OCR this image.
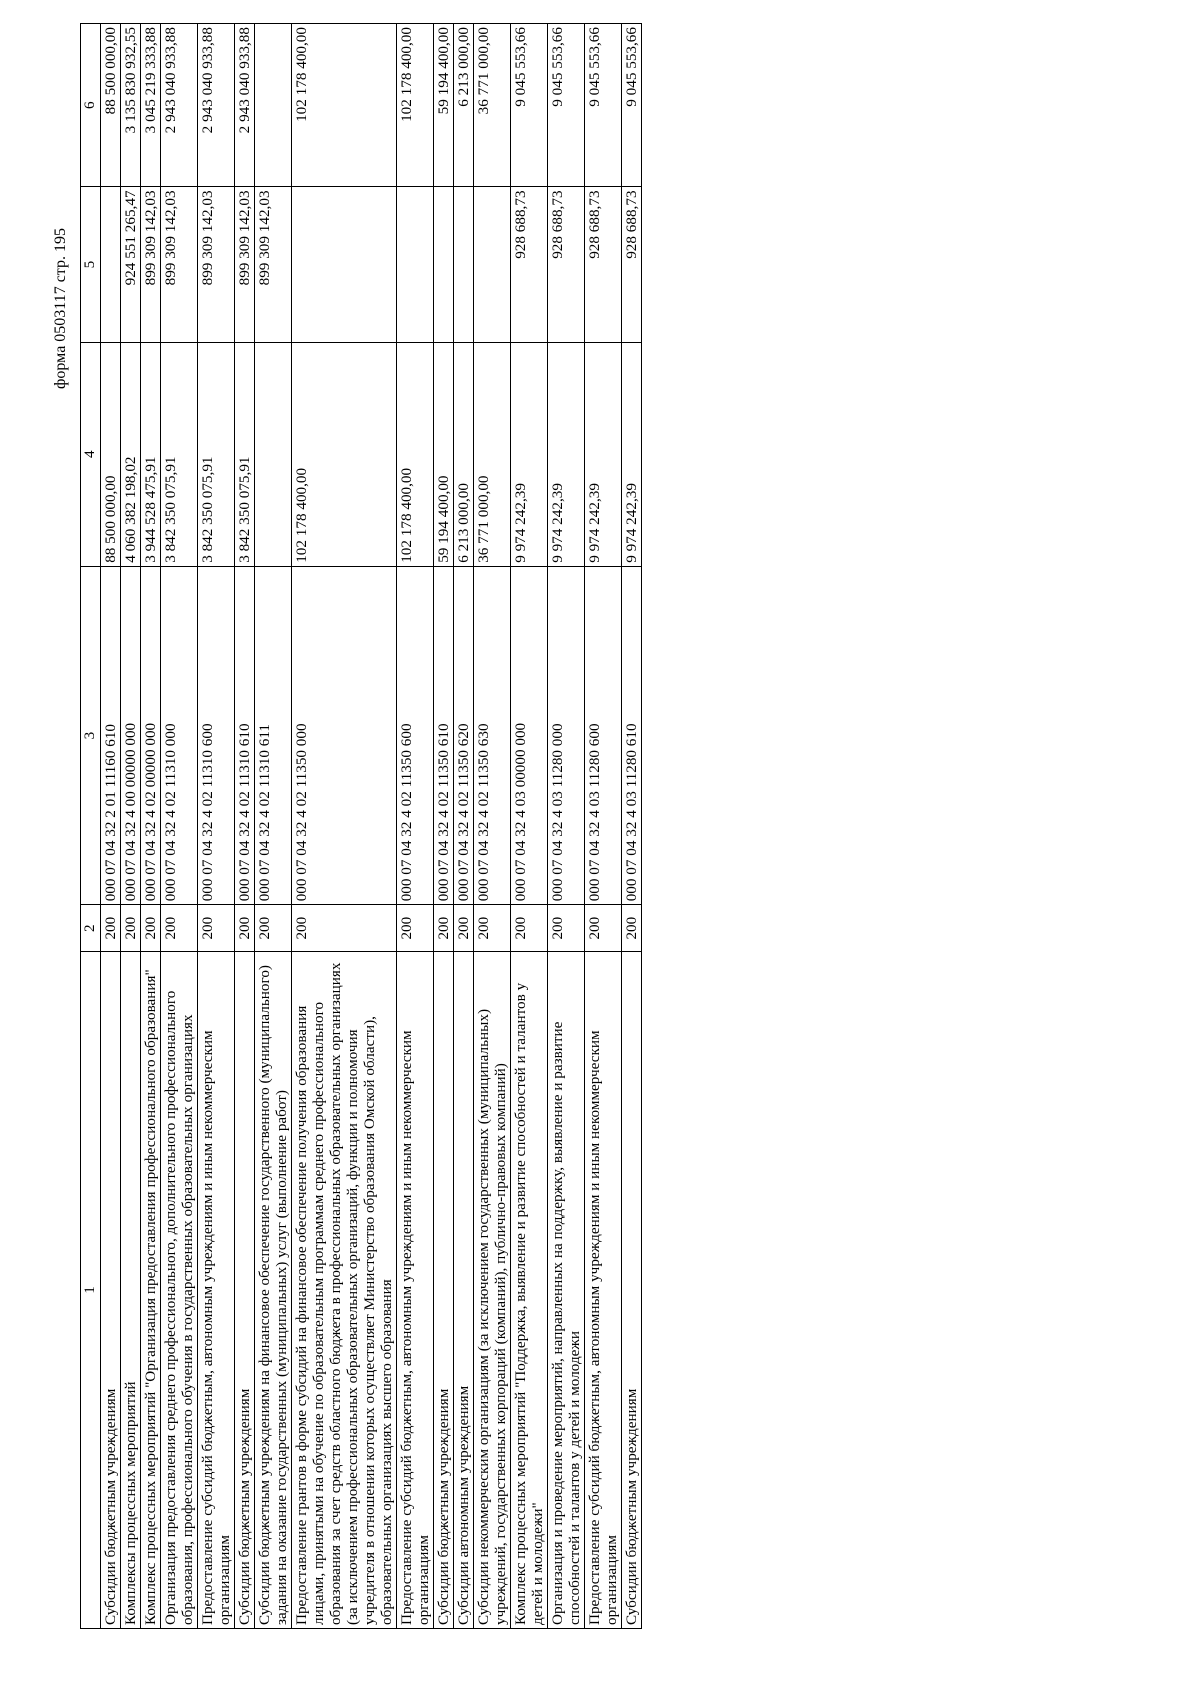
форма 0503117 стр. 195
1	2	3	4	5	6
Субсидии бюджетным учреждениям	200	000 07 04 32 2 01 11160 610	88 500 000,00		88 500 000,00
Комплексы процессных мероприятий	200	000 07 04 32 4 00 00000 000	4 060 382 198,02	924 551 265,47	3 135 830 932,55
Комплекс процессных мероприятий "Организация предоставления профессионального образования"	200	000 07 04 32 4 02 00000 000	3 944 528 475,91	899 309 142,03	3 045 219 333,88
Организация предоставления среднего профессионального, дополнительного профессионального образования, профессионального обучения в государственных образовательных организациях	200	000 07 04 32 4 02 11310 000	3 842 350 075,91	899 309 142,03	2 943 040 933,88
Предоставление субсидий бюджетным, автономным учреждениям и иным некоммерческим организациям	200	000 07 04 32 4 02 11310 600	3 842 350 075,91	899 309 142,03	2 943 040 933,88
Субсидии бюджетным учреждениям	200	000 07 04 32 4 02 11310 610	3 842 350 075,91	899 309 142,03	2 943 040 933,88
Субсидии бюджетным учреждениям на финансовое обеспечение государственного (муниципального) задания на оказание государственных (муниципальных) услуг (выполнение работ)	200	000 07 04 32 4 02 11310 611		899 309 142,03	
Предоставление грантов в форме субсидий на финансовое обеспечение получения образования лицами, принятыми на обучение по образовательным программам среднего профессионального образования за счет средств областного бюджета в профессиональных образовательных организациях (за исключением профессиональных образовательных организаций, функции и полномочия учредителя в отношении которых осуществляет Министерство образования Омской области), образовательных организациях высшего образования	200	000 07 04 32 4 02 11350 000	102 178 400,00		102 178 400,00
Предоставление субсидий бюджетным, автономным учреждениям и иным некоммерческим организациям	200	000 07 04 32 4 02 11350 600	102 178 400,00		102 178 400,00
Субсидии бюджетным учреждениям	200	000 07 04 32 4 02 11350 610	59 194 400,00		59 194 400,00
Субсидии автономным учреждениям	200	000 07 04 32 4 02 11350 620	6 213 000,00		6 213 000,00
Субсидии некоммерческим организациям (за исключением государственных (муниципальных) учреждений, государственных корпораций (компаний), публично-правовых компаний)	200	000 07 04 32 4 02 11350 630	36 771 000,00		36 771 000,00
Комплекс процессных мероприятий "Поддержка, выявление и развитие способностей и талантов у детей и молодежи"	200	000 07 04 32 4 03 00000 000	9 974 242,39	928 688,73	9 045 553,66
Организация и проведение мероприятий, направленных на поддержку, выявление и развитие способностей и талантов у детей и молодежи	200	000 07 04 32 4 03 11280 000	9 974 242,39	928 688,73	9 045 553,66
Предоставление субсидий бюджетным, автономным учреждениям и иным некоммерческим организациям	200	000 07 04 32 4 03 11280 600	9 974 242,39	928 688,73	9 045 553,66
Субсидии бюджетным учреждениям	200	000 07 04 32 4 03 11280 610	9 974 242,39	928 688,73	9 045 553,66
